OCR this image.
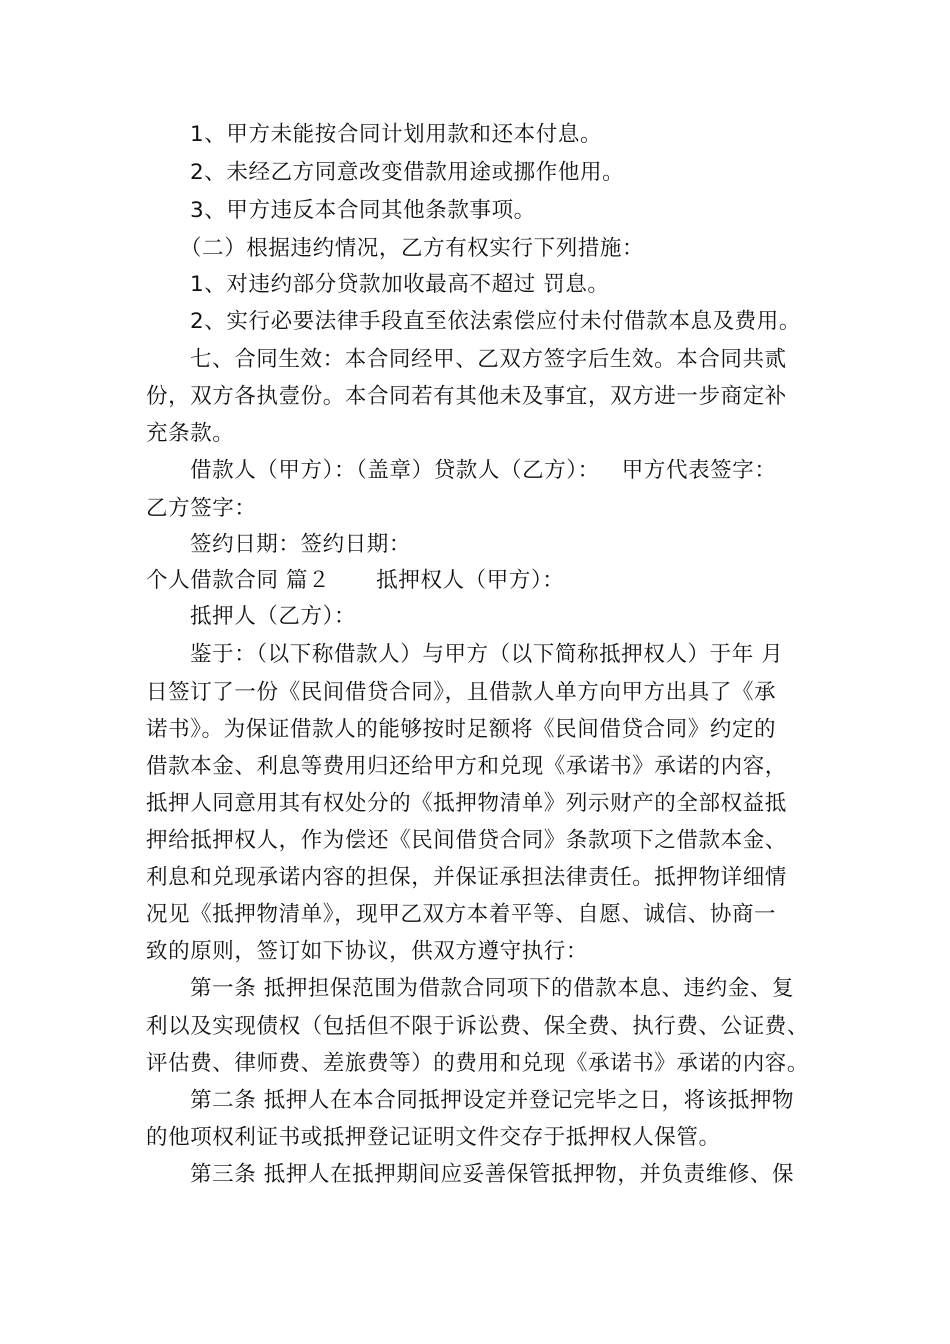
1、甲方未能按合同计划用款和还本付息。
2、未经乙方同意改变借款用途或挪作他用。
3、甲方违反本合同其他条款事项。
（二）根据违约情况，乙方有权实行下列措施：
1、对违约部分贷款加收最高不超过 罚息。
2、实行必要法律手段直至依法索偿应付未付借款本息及费用。
七、合同生效：本合同经甲、乙双方签字后生效。本合同共贰
份，双方各执壹份。本合同若有其他未及事宜，双方进一步商定补
充条款。
借款人（甲方）：（盖章）贷款人（乙方）： 甲方代表签字：
乙方签字：
签约日期：签约日期：
个人借款合同 篇２ 抵押权人（甲方）：
抵押人（乙方）：
鉴于：（以下称借款人）与甲方（以下简称抵押权人）于年 月
日签订了一份《民间借贷合同》，且借款人单方向甲方出具了《承
诺书》。为保证借款人的能够按时足额将《民间借贷合同》约定的
借款本金、利息等费用归还给甲方和兑现《承诺书》承诺的内容，
抵押人同意用其有权处分的《抵押物清单》列示财产的全部权益抵
押给抵押权人，作为偿还《民间借贷合同》条款项下之借款本金、
利息和兑现承诺内容的担保，并保证承担法律责任。抵押物详细情
况见《抵押物清单》，现甲乙双方本着平等、自愿、诚信、协商一
致的原则，签订如下协议，供双方遵守执行：
第一条 抵押担保范围为借款合同项下的借款本息、违约金、复
利以及实现债权（包括但不限于诉讼费、保全费、执行费、公证费、
评估费、律师费、差旅费等）的费用和兑现《承诺书》承诺的内容。
第二条 抵押人在本合同抵押设定并登记完毕之日，将该抵押物
的他项权利证书或抵押登记证明文件交存于抵押权人保管。
第三条 抵押人在抵押期间应妥善保管抵押物，并负责维修、保
